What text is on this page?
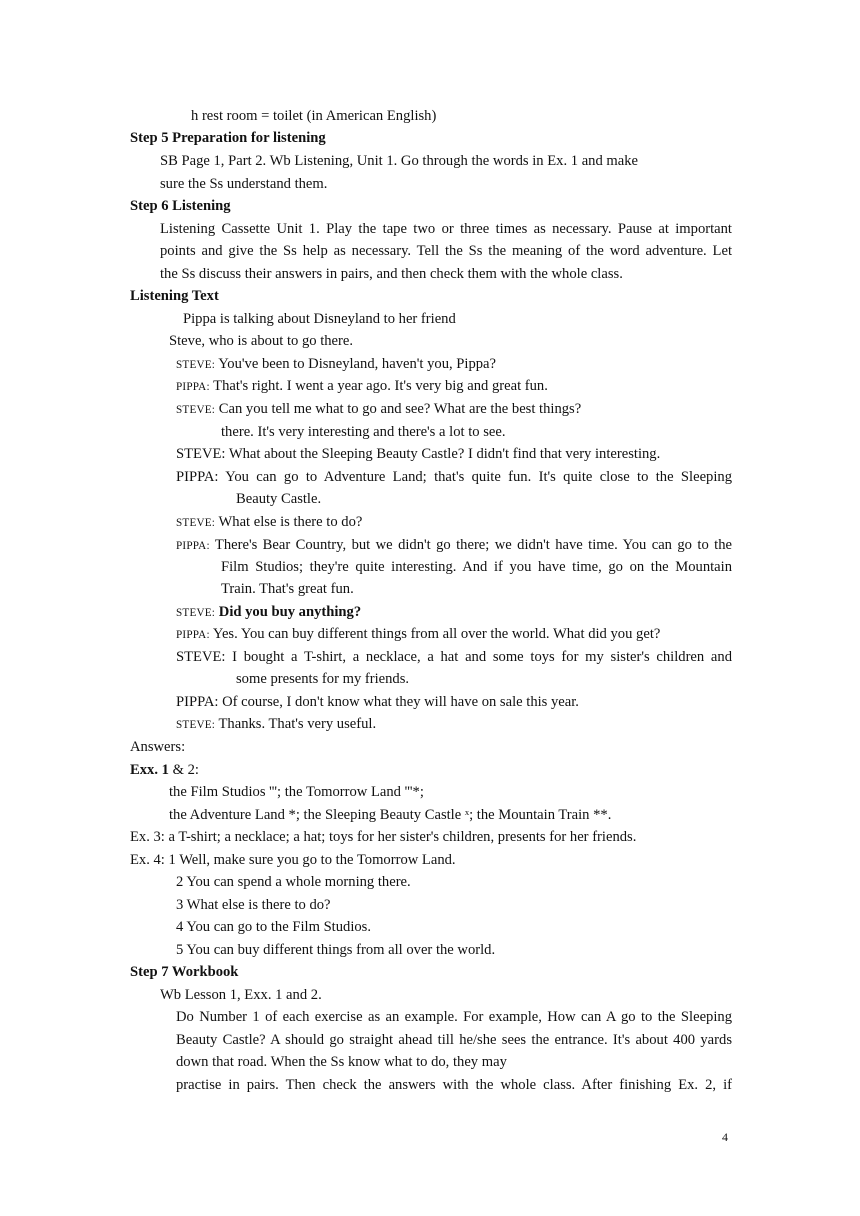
h rest room = toilet (in American English)
Step 5 Preparation for listening
SB Page 1, Part 2. Wb Listening, Unit 1. Go through the words in Ex. 1 and make
sure the Ss understand them.
Step 6 Listening
Listening Cassette Unit 1. Play the tape two or three times as necessary. Pause at important
points and give the Ss help as necessary. Tell the Ss the meaning of the word adventure. Let
the Ss discuss their answers in pairs, and then check them with the whole class.
Listening Text
Pippa is talking about Disneyland to her friend
Steve, who is about to go there.
STEVE: You've been to Disneyland, haven't you, Pippa?
PIPPA: That's right. I went a year ago. It's very big and great fun.
STEVE: Can you tell me what to go and see? What are the best things?
there. It's very interesting and there's a lot to see.
STEVE: What about the Sleeping Beauty Castle? I didn't find that very interesting.
PIPPA: You can go to Adventure Land; that's quite fun. It's quite close to the Sleeping
Beauty Castle.
STEVE: What else is there to do?
PIPPA: There's Bear Country, but we didn't go there; we didn't have time. You can go to the
Film Studios; they're quite interesting. And if you have time, go on the Mountain
Train. That's great fun.
STEVE: Did you buy anything?
PIPPA: Yes. You can buy different things from all over the world. What did you get?
STEVE: I bought a T-shirt, a necklace, a hat and some toys for my sister's children and
some presents for my friends.
PIPPA: Of course, I don't know what they will have on sale this year.
STEVE: Thanks. That's very useful.
Answers:
Exx. 1 & 2:
the Film Studios '''; the Tomorrow Land '''*;
the Adventure Land *; the Sleeping Beauty Castle ˣ; the Mountain Train **.
Ex. 3: a T-shirt; a necklace; a hat; toys for her sister's children, presents for her friends.
Ex. 4: 1 Well, make sure you go to the Tomorrow Land.
2 You can spend a whole morning there.
3 What else is there to do?
4 You can go to the Film Studios.
5 You can buy different things from all over the world.
Step 7 Workbook
Wb Lesson 1, Exx. 1 and 2.
Do Number 1 of each exercise as an example. For example, How can A go to the Sleeping
Beauty Castle? A should go straight ahead till he/she sees the entrance. It's about 400 yards
down that road. When the Ss know what to do, they may
practise in pairs. Then check the answers with the whole class. After finishing Ex. 2, if
4
